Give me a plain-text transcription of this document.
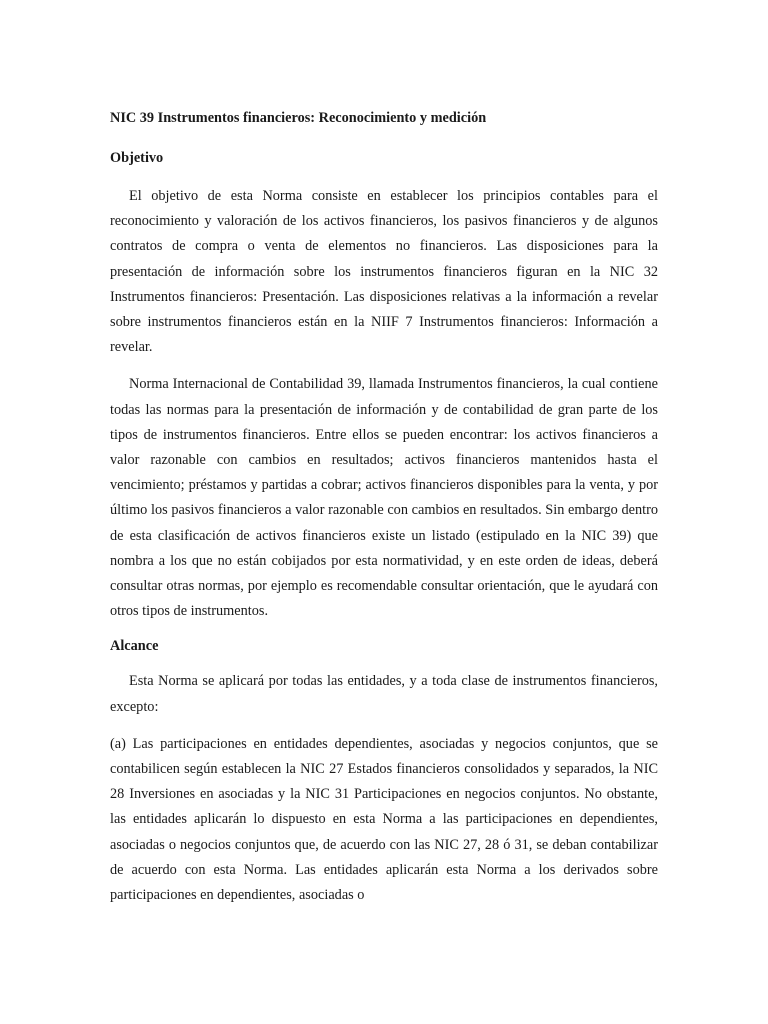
NIC 39 Instrumentos financieros: Reconocimiento y medición

Objetivo

El objetivo de esta Norma consiste en establecer los principios contables para el reconocimiento y valoración de los activos financieros, los pasivos financieros y de algunos contratos de compra o venta de elementos no financieros. Las disposiciones para la presentación de información sobre los instrumentos financieros figuran en la NIC 32 Instrumentos financieros: Presentación. Las disposiciones relativas a la información a revelar sobre instrumentos financieros están en la NIIF 7 Instrumentos financieros: Información a revelar.

Norma Internacional de Contabilidad 39, llamada Instrumentos financieros, la cual contiene todas las normas para la presentación de información y de contabilidad de gran parte de los tipos de instrumentos financieros. Entre ellos se pueden encontrar: los activos financieros a valor razonable con cambios en resultados; activos financieros mantenidos hasta el vencimiento; préstamos y partidas a cobrar; activos financieros disponibles para la venta, y por último los pasivos financieros a valor razonable con cambios en resultados. Sin embargo dentro de esta clasificación de activos financieros existe un listado (estipulado en la NIC 39) que nombra a los que no están cobijados por esta normatividad, y en este orden de ideas, deberá consultar otras normas, por ejemplo es recomendable consultar orientación, que le ayudará con otros tipos de instrumentos.

Alcance

Esta Norma se aplicará por todas las entidades, y a toda clase de instrumentos financieros, excepto:

(a) Las participaciones en entidades dependientes, asociadas y negocios conjuntos, que se contabilicen según establecen la NIC 27 Estados financieros consolidados y separados, la NIC 28 Inversiones en asociadas y la NIC 31 Participaciones en negocios conjuntos. No obstante, las entidades aplicarán lo dispuesto en esta Norma a las participaciones en dependientes, asociadas o negocios conjuntos que, de acuerdo con las NIC 27, 28 ó 31, se deban contabilizar de acuerdo con esta Norma. Las entidades aplicarán esta Norma a los derivados sobre participaciones en dependientes, asociadas o
